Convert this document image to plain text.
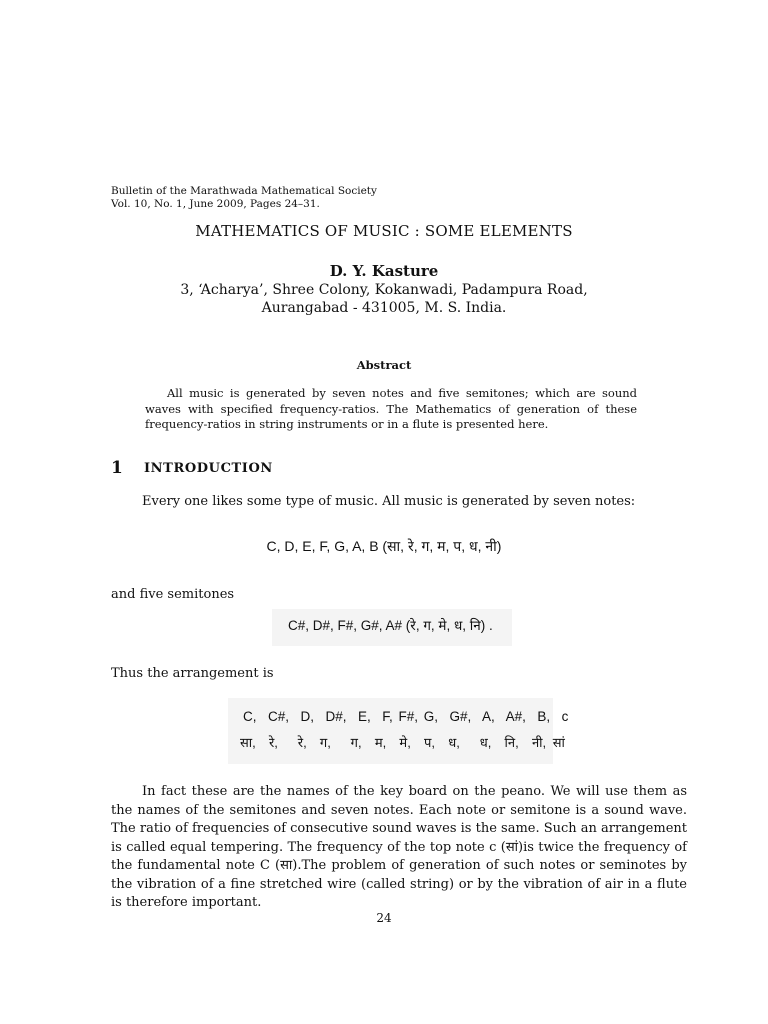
Bulletin of the Marathwada Mathematical Society
Vol. 10, No. 1, June 2009, Pages 24–31.
MATHEMATICS OF MUSIC : SOME ELEMENTS
D. Y. Kasture
3, ‘Acharya’, Shree Colony, Kokanwadi, Padampura Road,
Aurangabad - 431005, M. S. India.
Abstract
All music is generated by seven notes and five semitones; which are sound waves with specified frequency-ratios. The Mathematics of generation of these frequency-ratios in string instruments or in a flute is presented here.
1 INTRODUCTION
Every one likes some type of music. All music is generated by seven notes:
C, D, E, F, G, A, B (सा, रे, ग, म, प, ध, नी)
and five semitones
C#, D#, F#, G#, A# (रे, ग, मे, ध, नि) .
Thus the arrangement is
C,  C#,  D,  D#,  E,  F, F#, G,  G#,  A,  A#,  B,  c
सा,  रे,   रे,  ग,   ग,  म,  मे,  प,  ध,   ध,  नि,  नी, सां
In fact these are the names of the key board on the peano. We will use them as the names of the semitones and seven notes. Each note or semitone is a sound wave. The ratio of frequencies of consecutive sound waves is the same. Such an arrangement is called equal tempering. The frequency of the top note c (सां)is twice the frequency of the fundamental note C (सा).The problem of generation of such notes or seminotes by the vibration of a fine stretched wire (called string) or by the vibration of air in a flute is therefore important.
24
